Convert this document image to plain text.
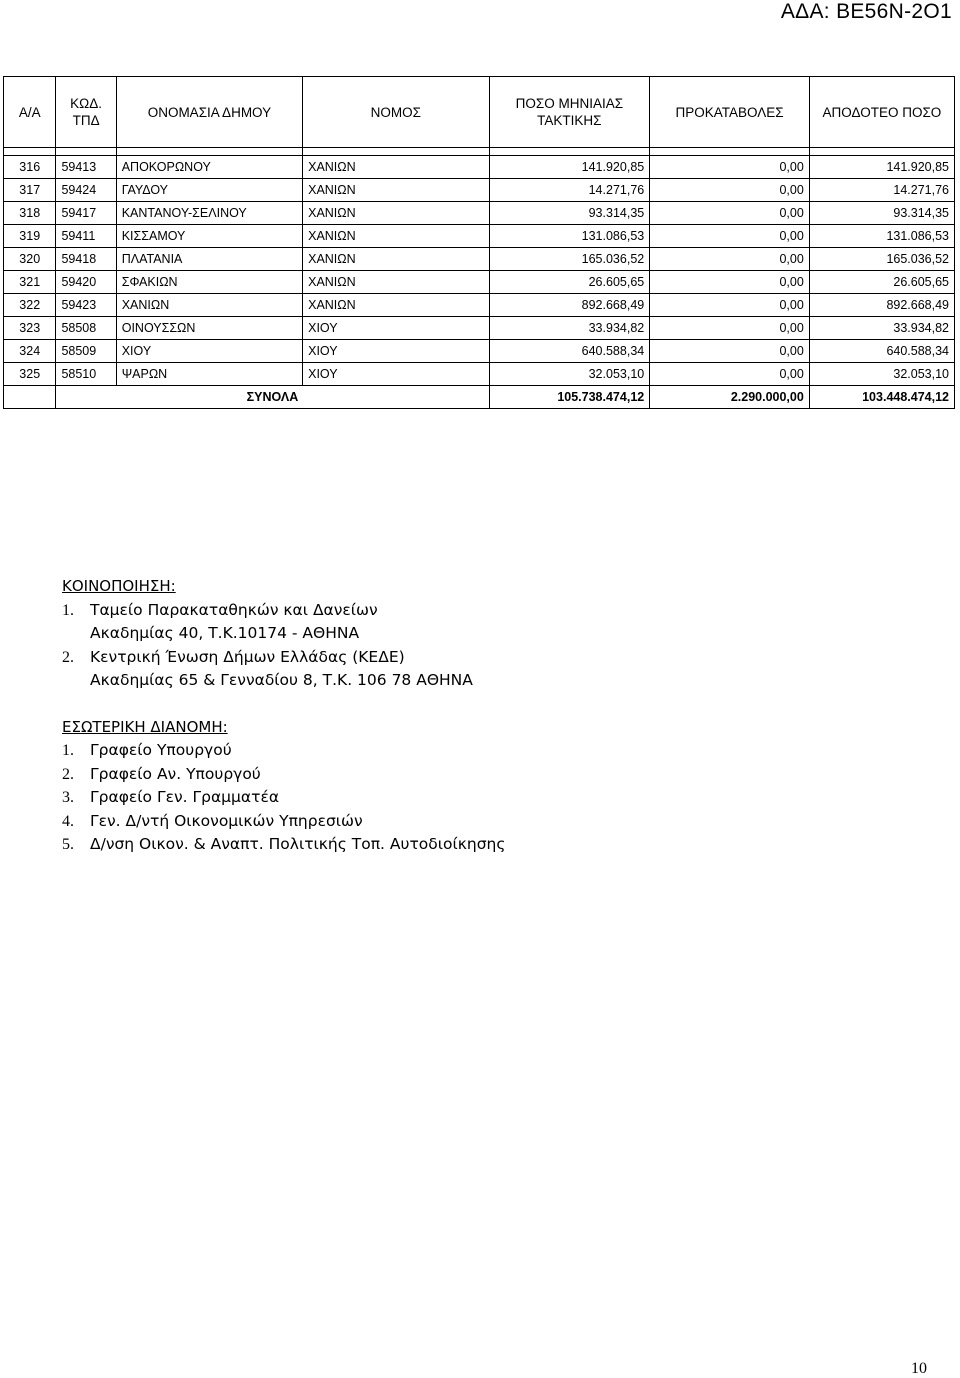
ΑΔΑ: ΒΕ56Ν-2Ο1
Α/Α	ΚΩΔ. ΤΠΔ	ΟΝΟΜΑΣΙΑ ΔΗΜΟΥ	ΝΟΜΟΣ	ΠΟΣΟ ΜΗΝΙΑΙΑΣ ΤΑΚΤΙΚΗΣ	ΠΡΟΚΑΤΑΒΟΛΕΣ	ΑΠΟΔΟΤΕΟ ΠΟΣΟ

316	59413	ΑΠΟΚΟΡΩΝΟΥ	ΧΑΝΙΩΝ	141.920,85	0,00	141.920,85
317	59424	ΓΑΥΔΟΥ	ΧΑΝΙΩΝ	14.271,76	0,00	14.271,76
318	59417	ΚΑΝΤΑΝΟΥ-ΣΕΛΙΝΟΥ	ΧΑΝΙΩΝ	93.314,35	0,00	93.314,35
319	59411	ΚΙΣΣΑΜΟΥ	ΧΑΝΙΩΝ	131.086,53	0,00	131.086,53
320	59418	ΠΛΑΤΑΝΙΑ	ΧΑΝΙΩΝ	165.036,52	0,00	165.036,52
321	59420	ΣΦΑΚΙΩΝ	ΧΑΝΙΩΝ	26.605,65	0,00	26.605,65
322	59423	ΧΑΝΙΩΝ	ΧΑΝΙΩΝ	892.668,49	0,00	892.668,49
323	58508	ΟΙΝΟΥΣΣΩΝ	ΧΙΟΥ	33.934,82	0,00	33.934,82
324	58509	ΧΙΟΥ	ΧΙΟΥ	640.588,34	0,00	640.588,34
325	58510	ΨΑΡΩΝ	ΧΙΟΥ	32.053,10	0,00	32.053,10
	ΣΥΝΟΛΑ			105.738.474,12	2.290.000,00	103.448.474,12
ΚΟΙΝΟΠΟΙΗΣΗ:
1.	Ταμείο Παρακαταθηκών και Δανείων
Ακαδημίας 40, Τ.Κ.10174 - ΑΘΗΝΑ
2.	Κεντρική Ένωση Δήμων Ελλάδας (ΚΕΔΕ)
Ακαδημίας 65 & Γενναδίου 8, Τ.Κ. 106 78 ΑΘΗΝΑ
ΕΣΩΤΕΡΙΚΗ ΔΙΑΝΟΜΗ:
1.	Γραφείο Υπουργού
2.	Γραφείο Αν. Υπουργού
3.	Γραφείο Γεν. Γραμματέα
4.	Γεν. Δ/ντή Οικονομικών Υπηρεσιών
5.	Δ/νση Οικον. & Αναπτ. Πολιτικής Τοπ. Αυτοδιοίκησης
10
